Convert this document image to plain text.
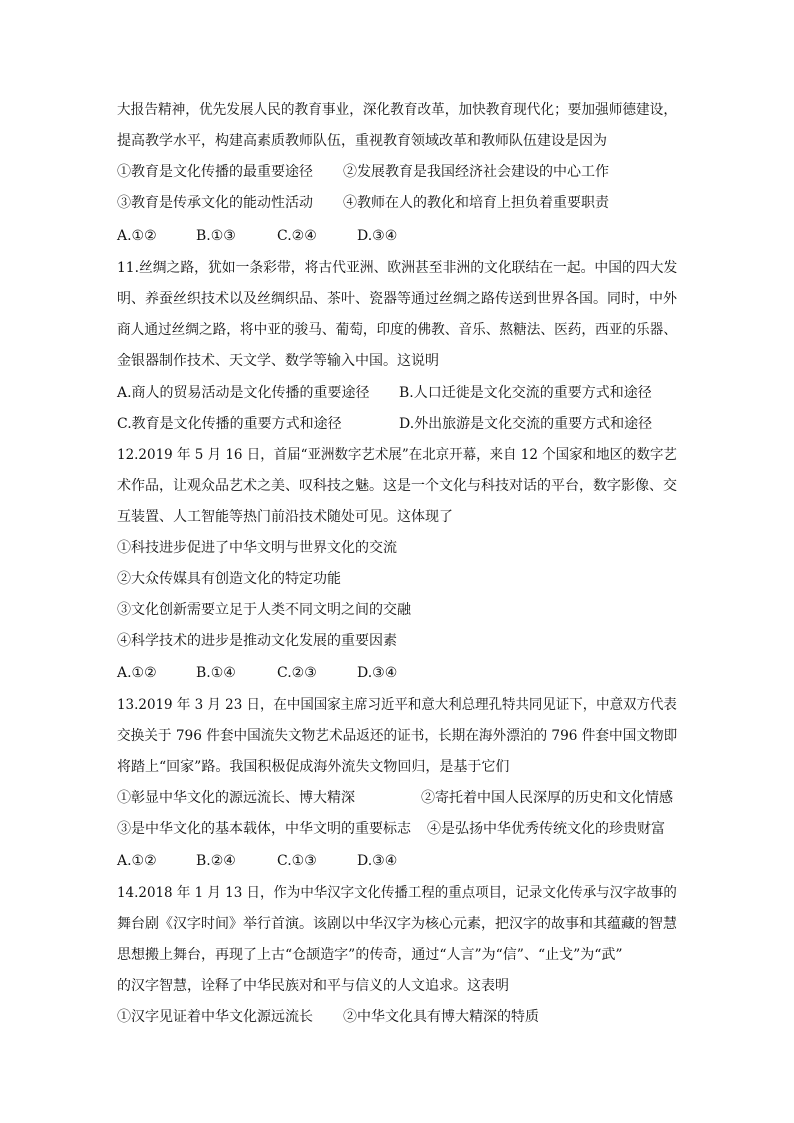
大报告精神，优先发展人民的教育事业，深化教育改革，加快教育现代化；要加强师德建设，
提高教学水平，构建高素质教师队伍，重视教育领域改革和教师队伍建设是因为
①教育是文化传播的最重要途径 ②发展教育是我国经济社会建设的中心工作
③教育是传承文化的能动性活动 ④教师在人的教化和培育上担负着重要职责
A.①②	B.①③	C.②④	D.③④
11.丝绸之路，犹如一条彩带，将古代亚洲、欧洲甚至非洲的文化联结在一起。中国的四大发
明、养蚕丝织技术以及丝绸织品、茶叶、瓷器等通过丝绸之路传送到世界各国。同时，中外
商人通过丝绸之路，将中亚的骏马、葡萄，印度的佛教、音乐、熬糖法、医药，西亚的乐器、
金银器制作技术、天文学、数学等输入中国。这说明
A.商人的贸易活动是文化传播的重要途径 B.人口迁徙是文化交流的重要方式和途径
C.教育是文化传播的重要方式和途径	D.外出旅游是文化交流的重要方式和途径
12.2019 年 5 月 16 日，首届“亚洲数字艺术展”在北京开幕，来自 12 个国家和地区的数字艺
术作品，让观众品艺术之美、叹科技之魅。这是一个文化与科技对话的平台，数字影像、交
互装置、人工智能等热门前沿技术随处可见。这体现了
①科技进步促进了中华文明与世界文化的交流
②大众传媒具有创造文化的特定功能
③文化创新需要立足于人类不同文明之间的交融
④科学技术的进步是推动文化发展的重要因素
A.①②	B.①④	C.②③	D.③④
13.2019 年 3 月 23 日，在中国国家主席习近平和意大利总理孔特共同见证下，中意双方代表
交换关于 796 件套中国流失文物艺术品返还的证书，长期在海外漂泊的 796 件套中国文物即
将踏上“回家”路。我国积极促成海外流失文物回归，是基于它们
①彰显中华文化的源远流长、博大精深	②寄托着中国人民深厚的历史和文化情感
③是中华文化的基本载体，中华文明的重要标志 ④是弘扬中华优秀传统文化的珍贵财富
A.①②	B.②④	C.①③	D.③④
14.2018 年 1 月 13 日，作为中华汉字文化传播工程的重点项目，记录文化传承与汉字故事的
舞台剧《汉字时间》举行首演。该剧以中华汉字为核心元素，把汉字的故事和其蕴藏的智慧
思想搬上舞台，再现了上古“仓颉造字”的传奇，通过“人言”为“信”、“止戈”为“武”
的汉字智慧，诠释了中华民族对和平与信义的人文追求。这表明
①汉字见证着中华文化源远流长 ②中华文化具有博大精深的特质
